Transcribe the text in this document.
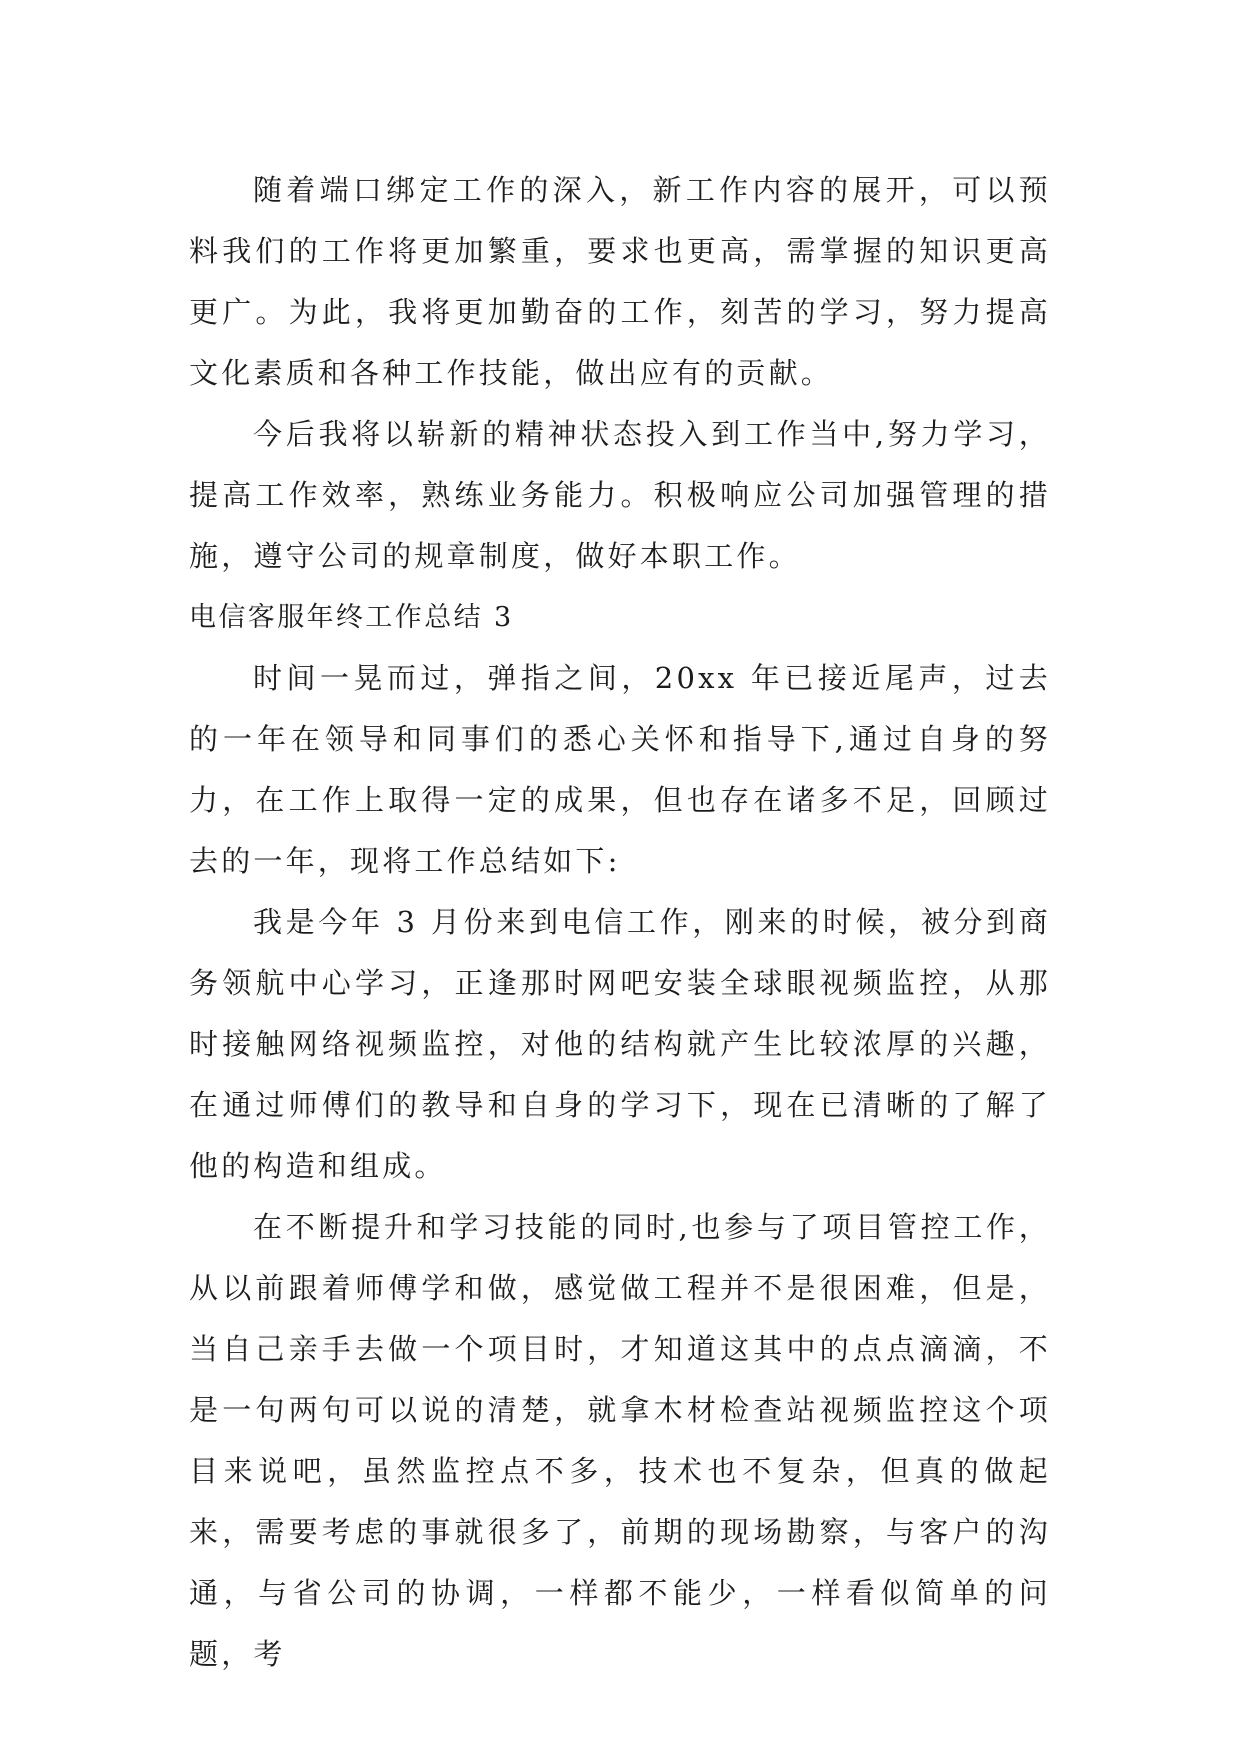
随着端口绑定工作的深入，新工作内容的展开，可以预料我们的工作将更加繁重，要求也更高，需掌握的知识更高更广。为此，我将更加勤奋的工作，刻苦的学习，努力提高文化素质和各种工作技能，做出应有的贡献。

今后我将以崭新的精神状态投入到工作当中,努力学习，提高工作效率，熟练业务能力。积极响应公司加强管理的措施，遵守公司的规章制度，做好本职工作。

电信客服年终工作总结 3

时间一晃而过，弹指之间，20xx 年已接近尾声，过去的一年在领导和同事们的悉心关怀和指导下,通过自身的努力，在工作上取得一定的成果，但也存在诸多不足，回顾过去的一年，现将工作总结如下:

我是今年 3 月份来到电信工作，刚来的时候，被分到商务领航中心学习，正逢那时网吧安装全球眼视频监控，从那时接触网络视频监控，对他的结构就产生比较浓厚的兴趣，在通过师傅们的教导和自身的学习下，现在已清晰的了解了他的构造和组成。

在不断提升和学习技能的同时,也参与了项目管控工作，从以前跟着师傅学和做，感觉做工程并不是很困难，但是，当自己亲手去做一个项目时，才知道这其中的点点滴滴，不是一句两句可以说的清楚，就拿木材检查站视频监控这个项目来说吧，虽然监控点不多，技术也不复杂，但真的做起来，需要考虑的事就很多了，前期的现场勘察，与客户的沟通，与省公司的协调，一样都不能少，一样看似简单的问题，考
